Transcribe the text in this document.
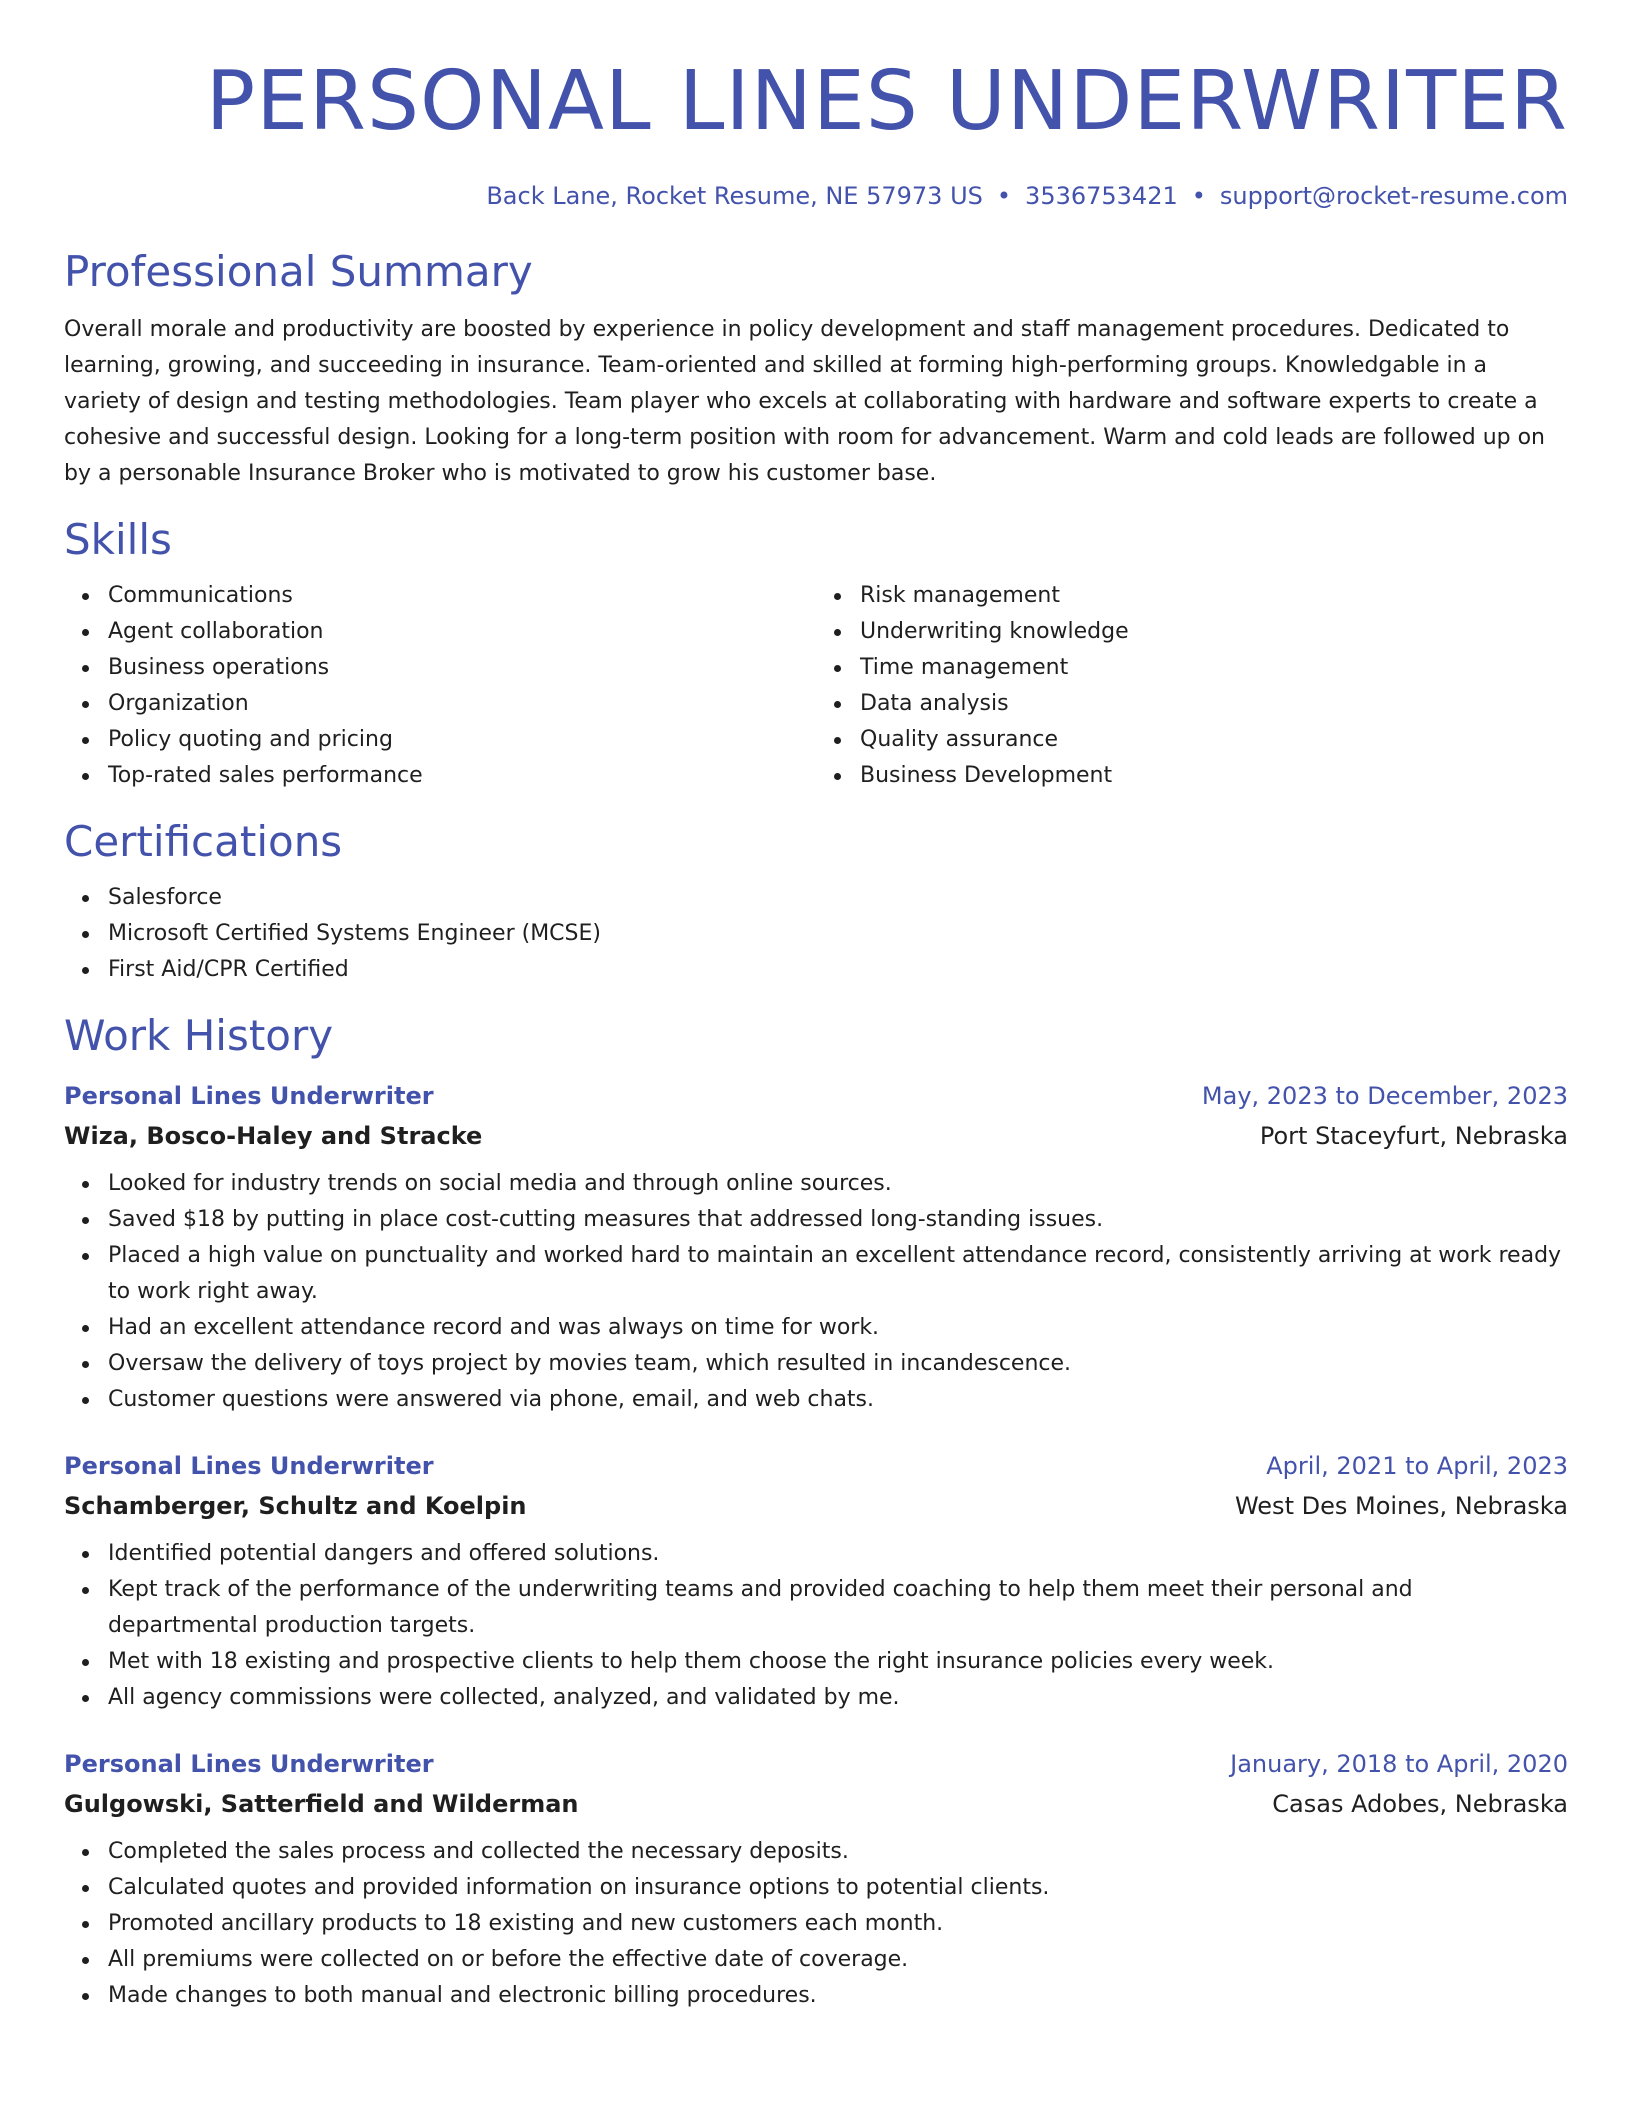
PERSONAL LINES UNDERWRITER
Back Lane, Rocket Resume, NE 57973 US • 3536753421 • support@rocket-resume.com
Professional Summary
Overall morale and productivity are boosted by experience in policy development and staff management procedures. Dedicated to learning, growing, and succeeding in insurance. Team-oriented and skilled at forming high-performing groups. Knowledgable in a variety of design and testing methodologies. Team player who excels at collaborating with hardware and software experts to create a cohesive and successful design. Looking for a long-term position with room for advancement. Warm and cold leads are followed up on by a personable Insurance Broker who is motivated to grow his customer base.
Skills
Communications
Agent collaboration
Business operations
Organization
Policy quoting and pricing
Top-rated sales performance
Risk management
Underwriting knowledge
Time management
Data analysis
Quality assurance
Business Development
Certifications
Salesforce
Microsoft Certified Systems Engineer (MCSE)
First Aid/CPR Certified
Work History
Personal Lines Underwriter	May, 2023 to December, 2023
Wiza, Bosco-Haley and Stracke	Port Staceyfurt, Nebraska
Looked for industry trends on social media and through online sources.
Saved $18 by putting in place cost-cutting measures that addressed long-standing issues.
Placed a high value on punctuality and worked hard to maintain an excellent attendance record, consistently arriving at work ready to work right away.
Had an excellent attendance record and was always on time for work.
Oversaw the delivery of toys project by movies team, which resulted in incandescence.
Customer questions were answered via phone, email, and web chats.
Personal Lines Underwriter	April, 2021 to April, 2023
Schamberger, Schultz and Koelpin	West Des Moines, Nebraska
Identified potential dangers and offered solutions.
Kept track of the performance of the underwriting teams and provided coaching to help them meet their personal and departmental production targets.
Met with 18 existing and prospective clients to help them choose the right insurance policies every week.
All agency commissions were collected, analyzed, and validated by me.
Personal Lines Underwriter	January, 2018 to April, 2020
Gulgowski, Satterfield and Wilderman	Casas Adobes, Nebraska
Completed the sales process and collected the necessary deposits.
Calculated quotes and provided information on insurance options to potential clients.
Promoted ancillary products to 18 existing and new customers each month.
All premiums were collected on or before the effective date of coverage.
Made changes to both manual and electronic billing procedures.
